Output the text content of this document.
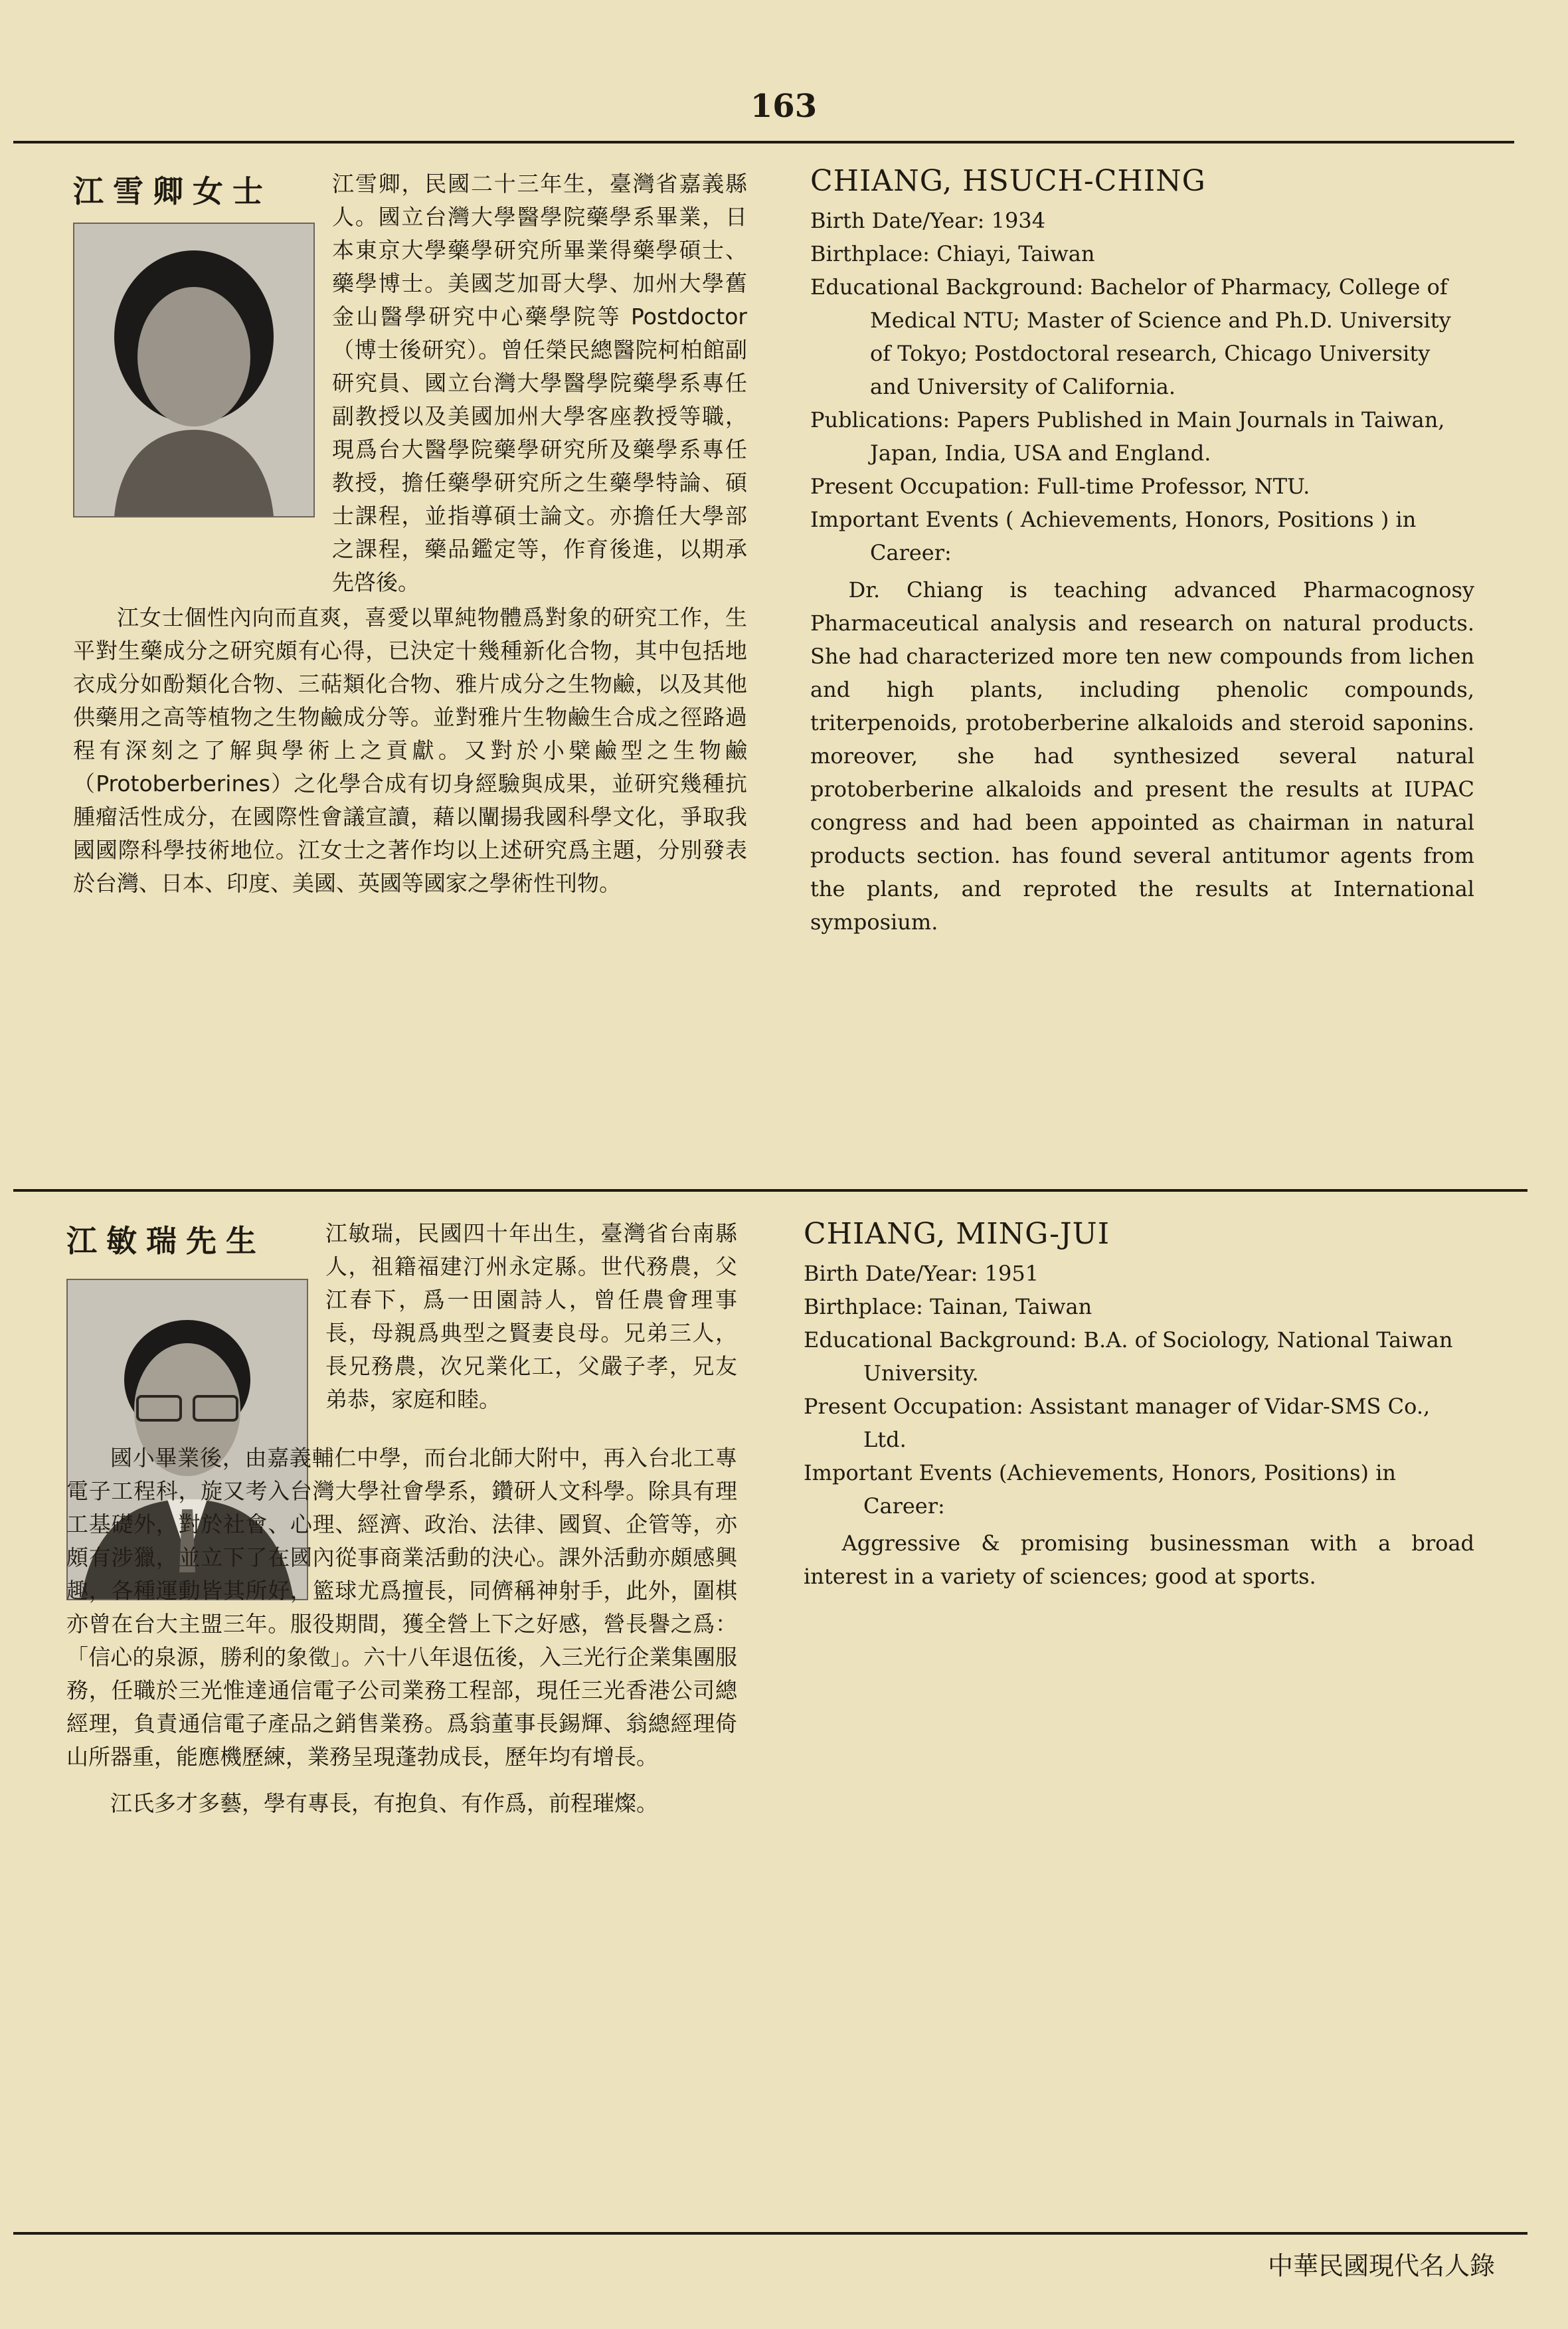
163
江雪卿女士	江雪卿，民國二十三年生，臺灣省嘉義縣人。國立台灣大學醫學院藥學系畢業，日本東京大學藥學研究所畢業得藥學碩士、藥學博士。美國芝加哥大學、加州大學舊金山醫學研究中心藥學院等 Postdoctor（博士後研究）。曾任榮民總醫院柯柏館副研究員、國立台灣大學醫學院藥學系專任副教授以及美國加州大學客座教授等職，現爲台大醫學院藥學研究所及藥學系專任教授，擔任藥學研究所之生藥學特論、碩士課程，並指導碩士論文。亦擔任大學部之課程，藥品鑑定等，作育後進，以期承先啓後。

江女士個性內向而直爽，喜愛以單純物體爲對象的研究工作，生平對生藥成分之研究頗有心得，已決定十幾種新化合物，其中包括地衣成分如酚類化合物、三萜類化合物、雅片成分之生物鹼，以及其他供藥用之高等植物之生物鹼成分等。並對雅片生物鹼生合成之徑路過程有深刻之了解與學術上之貢獻。又對於小檗鹼型之生物鹼（Protoberberines）之化學合成有切身經驗與成果，並研究幾種抗腫瘤活性成分，在國際性會議宣讀，藉以闡揚我國科學文化，爭取我國國際科學技術地位。江女士之著作均以上述研究爲主題，分別發表於台灣、日本、印度、美國、英國等國家之學術性刊物。

CHIANG, HSUCH-CHING

Birth Date/Year: 1934

Birthplace: Chiayi, Taiwan

Educational Background: Bachelor of Pharmacy, College of Medical NTU; Master of Science and Ph.D. University of Tokyo; Postdoctoral research, Chicago University and University of California.

Publications: Papers Published in Main Journals in Taiwan, Japan, India, USA and England.

Present Occupation: Full-time Professor, NTU.

Important Events ( Achievements, Honors, Positions ) in Career:

Dr. Chiang is teaching advanced Pharmacognosy Pharmaceutical analysis and research on natural products. She had characterized more ten new compounds from lichen and high plants, including phenolic compounds, triterpenoids, protoberberine alkaloids and steroid saponins. moreover, she had synthesized several natural protoberberine alkaloids and present the results at IUPAC congress and had been appointed as chairman in natural products section. has found several antitumor agents from the plants, and reproted the results at International symposium.

江敏瑞先生	江敏瑞，民國四十年出生，臺灣省台南縣人，祖籍福建汀州永定縣。世代務農，父江春下，爲一田園詩人，曾任農會理事長，母親爲典型之賢妻良母。兄弟三人，長兄務農，次兄業化工，父嚴子孝，兄友弟恭，家庭和睦。

國小畢業後，由嘉義輔仁中學，而台北師大附中，再入台北工專電子工程科，旋又考入台灣大學社會學系，鑽研人文科學。除具有理工基礎外，對於社會、心理、經濟、政治、法律、國貿、企管等，亦頗有涉獵，並立下了在國內從事商業活動的決心。課外活動亦頗感興趣，各種運動皆其所好，籃球尤爲擅長，同儕稱神射手，此外，圍棋亦曾在台大主盟三年。服役期間，獲全營上下之好感，營長譽之爲：「信心的泉源，勝利的象徵」。六十八年退伍後，入三光行企業集團服務，任職於三光惟達通信電子公司業務工程部，現任三光香港公司總經理，負責通信電子產品之銷售業務。爲翁董事長錫輝、翁總經理倚山所器重，能應機歷練，業務呈現蓬勃成長，歷年均有增長。

江氏多才多藝，學有專長，有抱負、有作爲，前程璀燦。

CHIANG, MING-JUI

Birth Date/Year: 1951

Birthplace: Tainan, Taiwan

Educational Background: B.A. of Sociology, National Taiwan University.

Present Occupation: Assistant manager of Vidar-SMS Co., Ltd.

Important Events (Achievements, Honors, Positions) in Career:

Aggressive & promising businessman with a broad interest in a variety of sciences; good at sports.

中華民國現代名人錄
